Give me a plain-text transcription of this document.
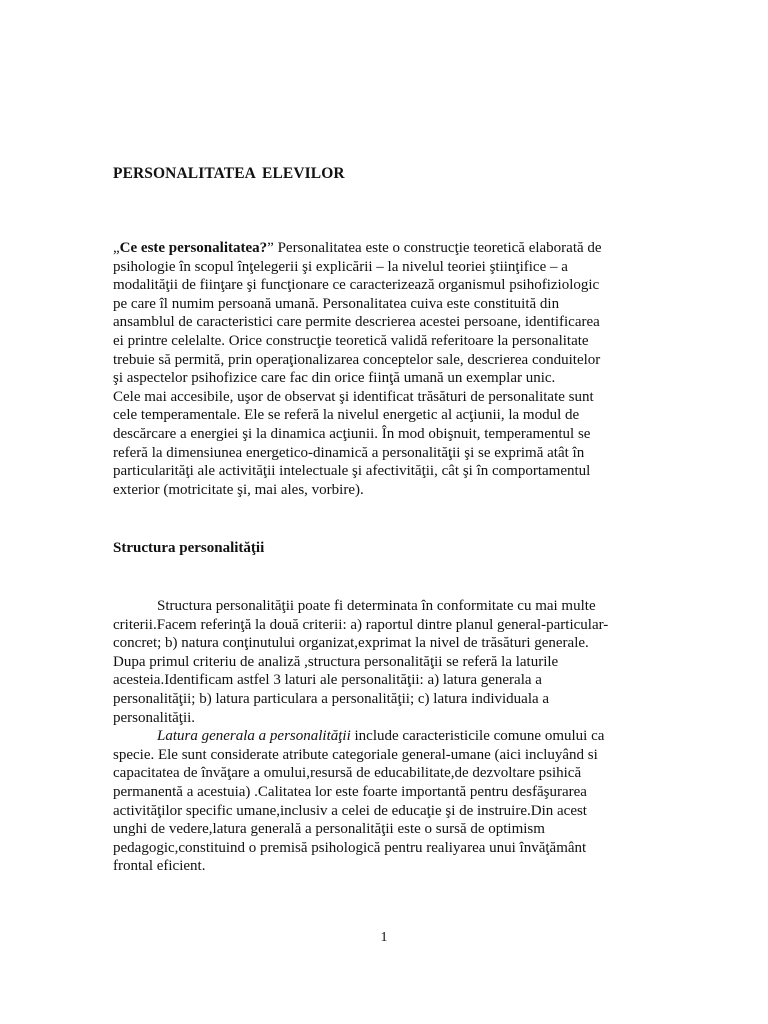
PERSONALITATEA ELEVILOR
„Ce este personalitatea?” Personalitatea este o construcţie teoretică elaborată de
psihologie în scopul înţelegerii şi explicării – la nivelul teoriei ştiinţifice – a
modalităţii de fiinţare şi funcţionare ce caracterizează organismul psihofiziologic
pe care îl numim persoană umană. Personalitatea cuiva este constituită din
ansamblul de caracteristici care permite descrierea acestei persoane, identificarea
ei printre celelalte. Orice construcţie teoretică validă referitoare la personalitate
trebuie să permită, prin operaţionalizarea conceptelor sale, descrierea conduitelor
şi aspectelor psihofizice care fac din orice fiinţă umană un exemplar unic.
Cele mai accesibile, uşor de observat şi identificat trăsături de personalitate sunt
cele temperamentale. Ele se referă la nivelul energetic al acţiunii, la modul de
descărcare a energiei şi la dinamica acţiunii. În mod obişnuit, temperamentul se
referă la dimensiunea energetico-dinamică a personalităţii şi se exprimă atât în
particularităţi ale activităţii intelectuale şi afectivităţii, cât şi în comportamentul
exterior (motricitate şi, mai ales, vorbire).
Structura personalităţii
Structura personalităţii poate fi determinata în conformitate cu mai multe
criterii.Facem referinţă la două criterii: a) raportul dintre planul general-particular-
concret; b) natura conţinutului organizat,exprimat la nivel de trăsături generale.
Dupa primul criteriu de analiză ,structura personalităţii se referă la laturile
acesteia.Identificam astfel 3 laturi ale personalităţii: a) latura generala a
personalităţii; b) latura particulara a personalităţii; c) latura individuala a
personalităţii.
Latura generala a personalităţii include caracteristicile comune omului ca
specie. Ele sunt considerate atribute categoriale general-umane (aici incluyând si
capacitatea de învăţare a omului,resursă de educabilitate,de dezvoltare psihică
permanentă a acestuia) .Calitatea lor este foarte importantă pentru desfăşurarea
activităţilor specific umane,inclusiv a celei de educaţie şi de instruire.Din acest
unghi de vedere,latura generală a personalităţii este o sursă de optimism
pedagogic,constituind o premisă psihologică pentru realiyarea unui învăţământ
frontal eficient.
1
